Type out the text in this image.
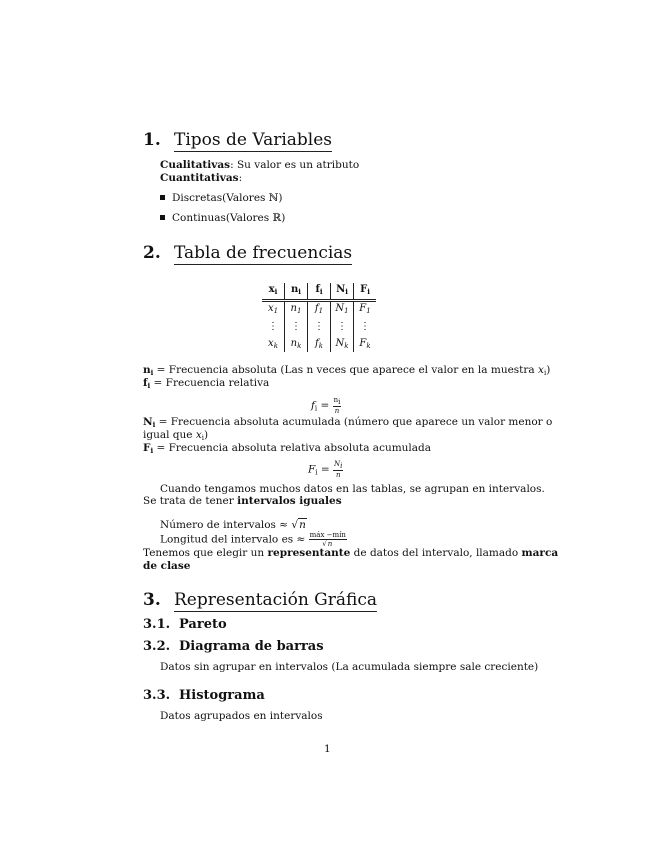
1. Tipos de Variables
Cualitativas: Su valor es un atributo
Cuantitativas:
Discretas(Valores ℕ)
Continuas(Valores ℝ)
2. Tabla de frecuencias
$x_i$	$n_i$	$f_i$	$N_i$	$F_i$
$x_1$	$n_1$	$f_1$	$N_1$	$F_1$
⋮	⋮	⋮	⋮	⋮
$x_k$	$n_k$	$f_k$	$N_k$	$F_k$
$n_i$ = Frecuencia absoluta (Las n veces que aparece el valor en la muestra $x_i$)
$f_i$ = Frecuencia relativa
$f_i = \frac{n_i}{n}$
$N_i$ = Frecuencia absoluta acumulada (número que aparece un valor menor o
igual que $x_i$)
$F_i$ = Frecuencia absoluta relativa absoluta acumulada
$F_i = \frac{N_i}{n}$
Cuando tengamos muchos datos en las tablas, se agrupan en intervalos.
Se trata de tener intervalos iguales
Número de intervalos ≈ √n
Longitud del intervalo es ≈ $\frac{\text{máx −mín}}{√n}$
Tenemos que elegir un representante de datos del intervalo, llamado marca
de clase
3. Representación Gráfica
3.1. Pareto
3.2. Diagrama de barras
Datos sin agrupar en intervalos (La acumulada siempre sale creciente)
3.3. Histograma
Datos agrupados en intervalos
1
